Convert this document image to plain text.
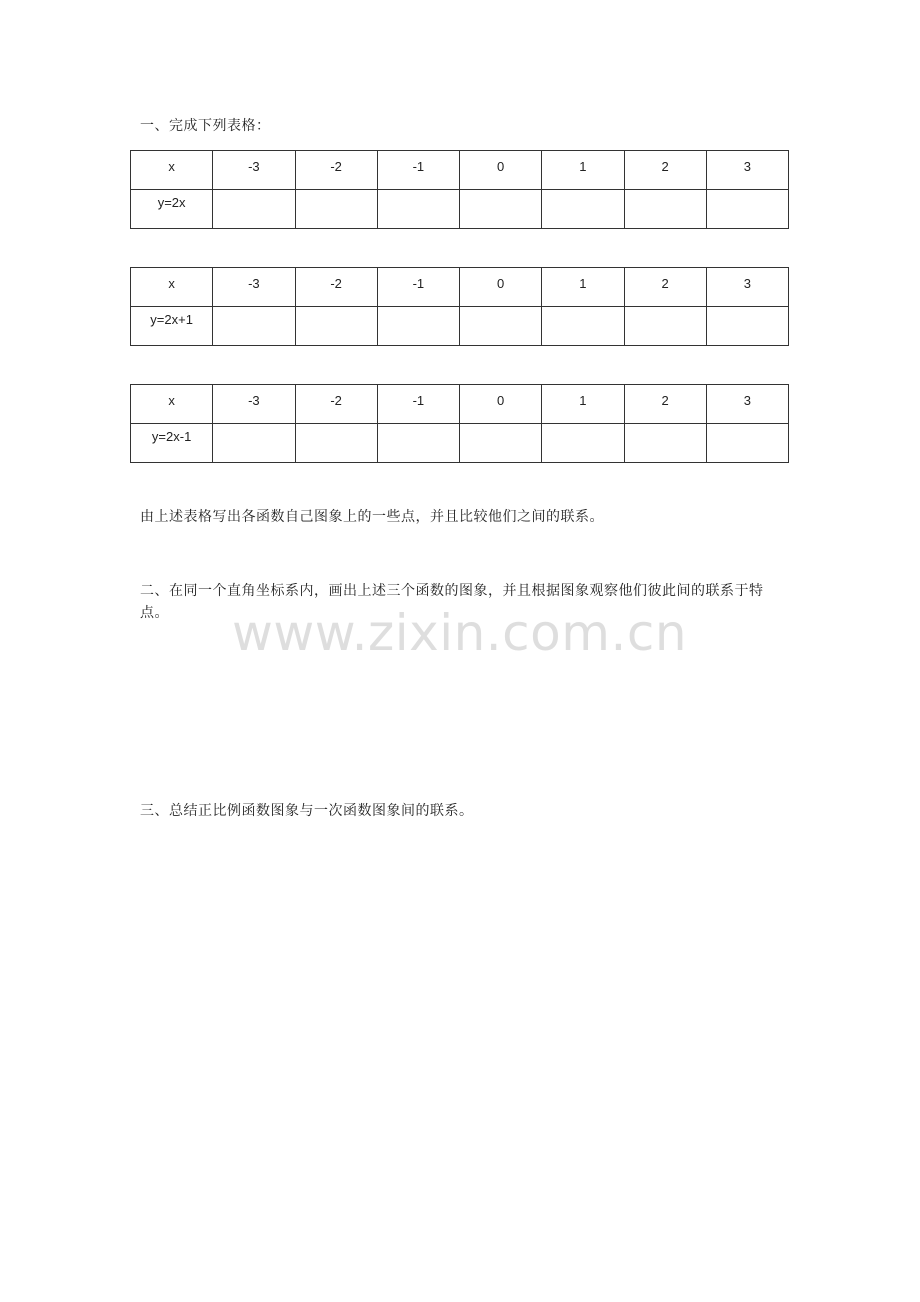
一、完成下列表格：
x	-3	-2	-1	0	1	2	3
y=2x							
x	-3	-2	-1	0	1	2	3
y=2x+1							
x	-3	-2	-1	0	1	2	3
y=2x-1							
由上述表格写出各函数自己图象上的一些点，并且比较他们之间的联系。
二、在同一个直角坐标系内，画出上述三个函数的图象，并且根据图象观察他们彼此间的联系于特点。	www.zixin.com.cn
三、总结正比例函数图象与一次函数图象间的联系。
